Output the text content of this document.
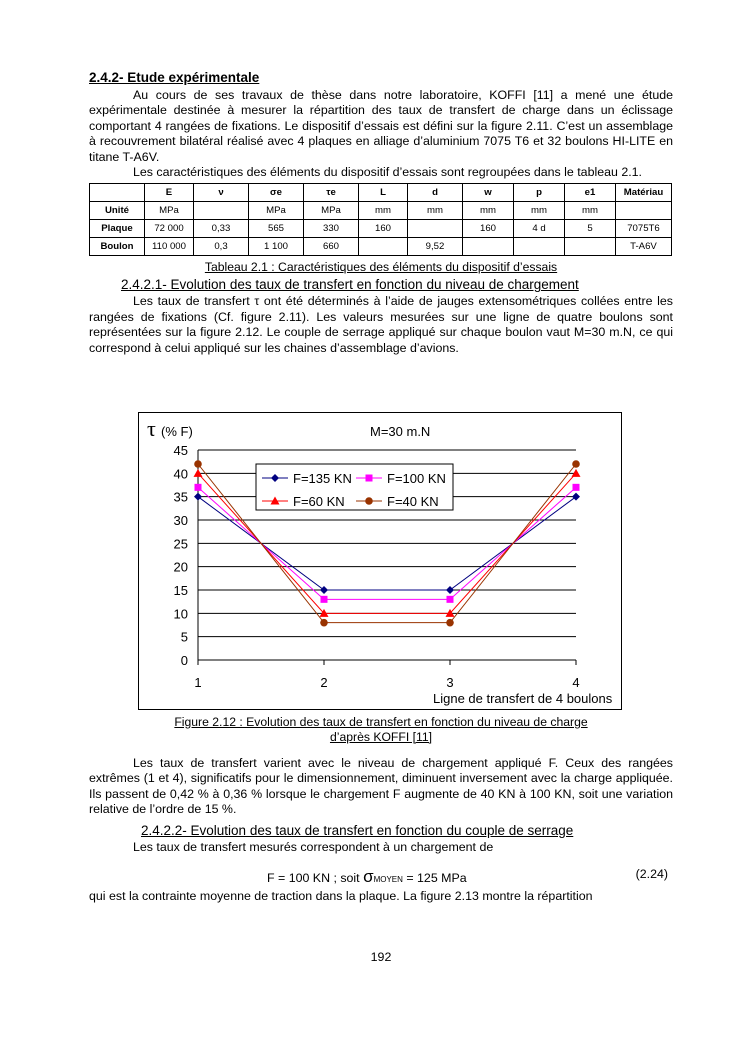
2.4.2- Etude expérimentale

Au cours de ses travaux de thèse dans notre laboratoire, KOFFI [11] a mené une étude expérimentale destinée à mesurer la répartition des taux de transfert de charge dans un éclissage comportant 4 rangées de fixations. Le dispositif d’essais est défini sur la figure 2.11. C’est un assemblage à recouvrement bilatéral réalisé avec 4 plaques en alliage d’aluminium 7075 T6 et 32 boulons HI-LITE en titane T-A6V.

Les caractéristiques des éléments du dispositif d’essais sont regroupées dans le tableau 2.1.

	E	ν	σe	τe	L	d	w	p	e1	Matériau
Unité	MPa		MPa	MPa	mm	mm	mm	mm	mm	
Plaque	72 000	0,33	565	330	160		160	4 d	5	7075T6
Boulon	110 000	0,3	1 100	660		9,52				T-A6V
Tableau 2.1 : Caractéristiques des éléments du dispositif d’essais
2.4.2.1- Evolution des taux de transfert en fonction du niveau de chargement

Les taux de transfert τ ont été déterminés à l’aide de jauges extensométriques collées entre les rangées de fixations (Cf. figure 2.11). Les valeurs mesurées sur une ligne de quatre boulons sont représentées sur la figure 2.12. Le couple de serrage appliqué sur chaque boulon vaut M=30 m.N, ce qui correspond à celui appliqué sur les chaines d’assemblage d’avions.

τ (% F)	M=30 m.N
Ligne de transfert de 4 boulons
0
5
10
15
20
25
30
35
40
45
1	2	3	4
F=135 KN	F=100 KN
F=60 KN	F=40 KN
Figure 2.12 : Evolution des taux de transfert en fonction du niveau de charge
d’après KOFFI [11]

Les taux de transfert varient avec le niveau de chargement appliqué F. Ceux des rangées extrêmes (1 et 4), significatifs pour le dimensionnement, diminuent inversement avec la charge appliquée. Ils passent de 0,42 % à 0,36 % lorsque le chargement F augmente de 40 KN à 100 KN, soit une variation relative de l’ordre de 15 %.

2.4.2.2- Evolution des taux de transfert en fonction du couple de serrage

Les taux de transfert mesurés correspondent à un chargement de

F = 100 KN ; soit σMOYEN = 125 MPa	(2.24)

qui est la contrainte moyenne de traction dans la plaque. La figure 2.13 montre la répartition

192
